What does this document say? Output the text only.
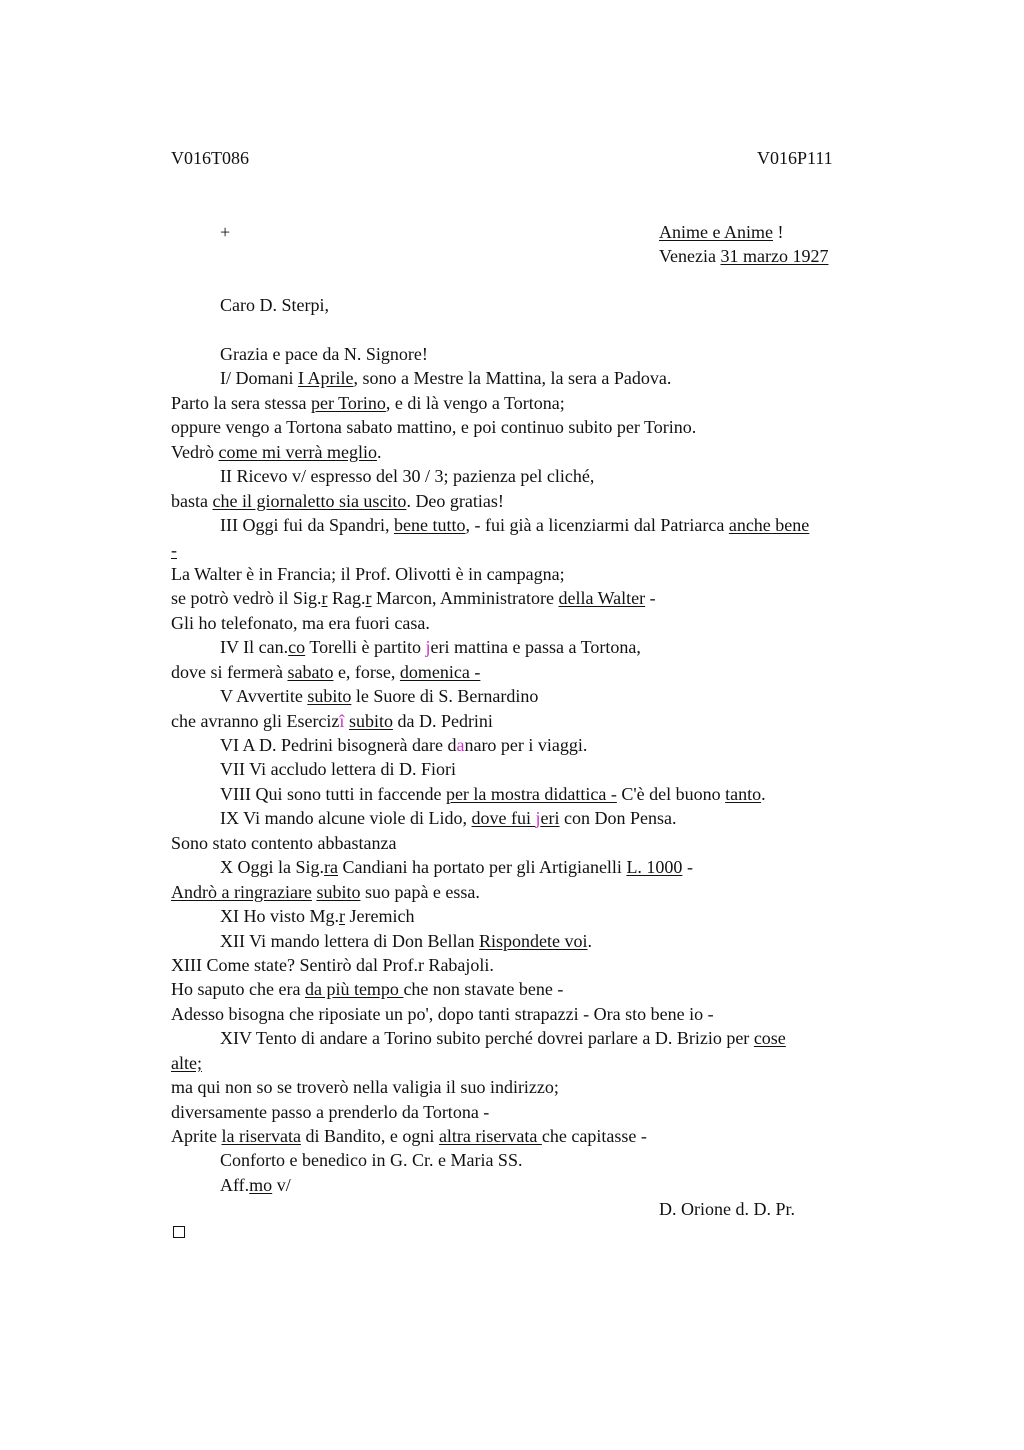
V016T086	V016P111
+	Anime e Anime !
Venezia 31 marzo 1927
Caro D. Sterpi,
Grazia e pace da N. Signore!
I/ Domani I Aprile, sono a Mestre la Mattina, la sera a Padova.
Parto la sera stessa per Torino, e di là vengo a Tortona;
oppure vengo a Tortona sabato mattino, e poi continuo subito per Torino.
Vedrò come mi verrà meglio.
II Ricevo v/ espresso del 30 / 3; pazienza pel cliché,
basta che il giornaletto sia uscito. Deo gratias!
III Oggi fui da Spandri, bene tutto, - fui già a licenziarmi dal Patriarca anche bene
-
La Walter è in Francia; il Prof. Olivotti è in campagna;
se potrò vedrò il Sig.r Rag.r Marcon, Amministratore della Walter -
Gli ho telefonato, ma era fuori casa.
IV Il can.co Torelli è partito jeri mattina e passa a Tortona,
dove si fermerà sabato e, forse, domenica -
V Avvertite subito le Suore di S. Bernardino
che avranno gli Esercizî subito da D. Pedrini
VI A D. Pedrini bisognerà dare danaro per i viaggi.
VII Vi accludo lettera di D. Fiori
VIII Qui sono tutti in faccende per la mostra didattica - C'è del buono tanto.
IX Vi mando alcune viole di Lido, dove fui jeri con Don Pensa.
Sono stato contento abbastanza
X Oggi la Sig.ra Candiani ha portato per gli Artigianelli L. 1000 -
Andrò a ringraziare subito suo papà e essa.
XI Ho visto Mg.r Jeremich
XII Vi mando lettera di Don Bellan Rispondete voi.
XIII Come state? Sentirò dal Prof.r Rabajoli.
Ho saputo che era da più tempo che non stavate bene -
Adesso bisogna che riposiate un po', dopo tanti strapazzi - Ora sto bene io -
XIV Tento di andare a Torino subito perché dovrei parlare a D. Brizio per cose
alte;
ma qui non so se troverò nella valigia il suo indirizzo;
diversamente passo a prenderlo da Tortona -
Aprite la riservata di Bandito, e ogni altra riservata che capitasse -
Conforto e benedico in G. Cr. e Maria SS.
Aff.mo v/
D. Orione d. D. Pr.
